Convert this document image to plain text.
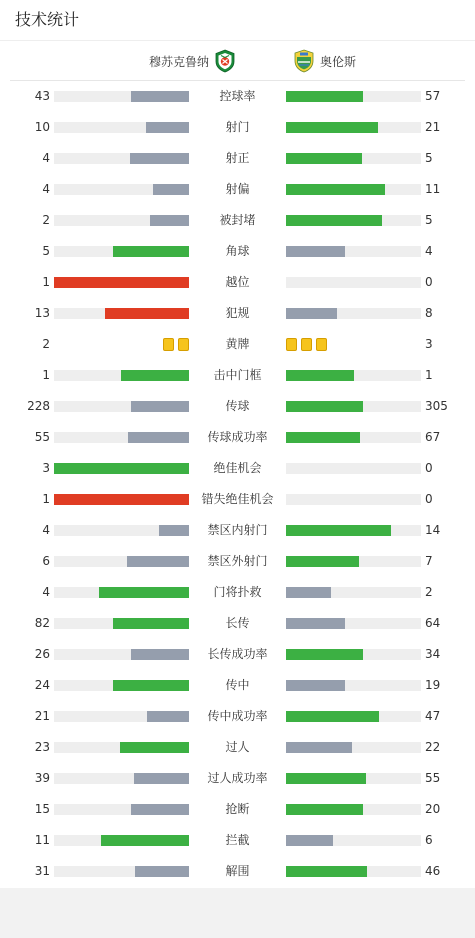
技术统计
穆苏克鲁纳	奥伦斯
43	控球率	57
10	射门	21
4	射正	5
4	射偏	11
2	被封堵	5
5	角球	4
1	越位	0
13	犯规	8
2	黄牌	3
1	击中门框	1
228	传球	305
55	传球成功率	67
3	绝佳机会	0
1	错失绝佳机会	0
4	禁区内射门	14
6	禁区外射门	7
4	门将扑救	2
82	长传	64
26	长传成功率	34
24	传中	19
21	传中成功率	47
23	过人	22
39	过人成功率	55
15	抢断	20
11	拦截	6
31	解围	46
